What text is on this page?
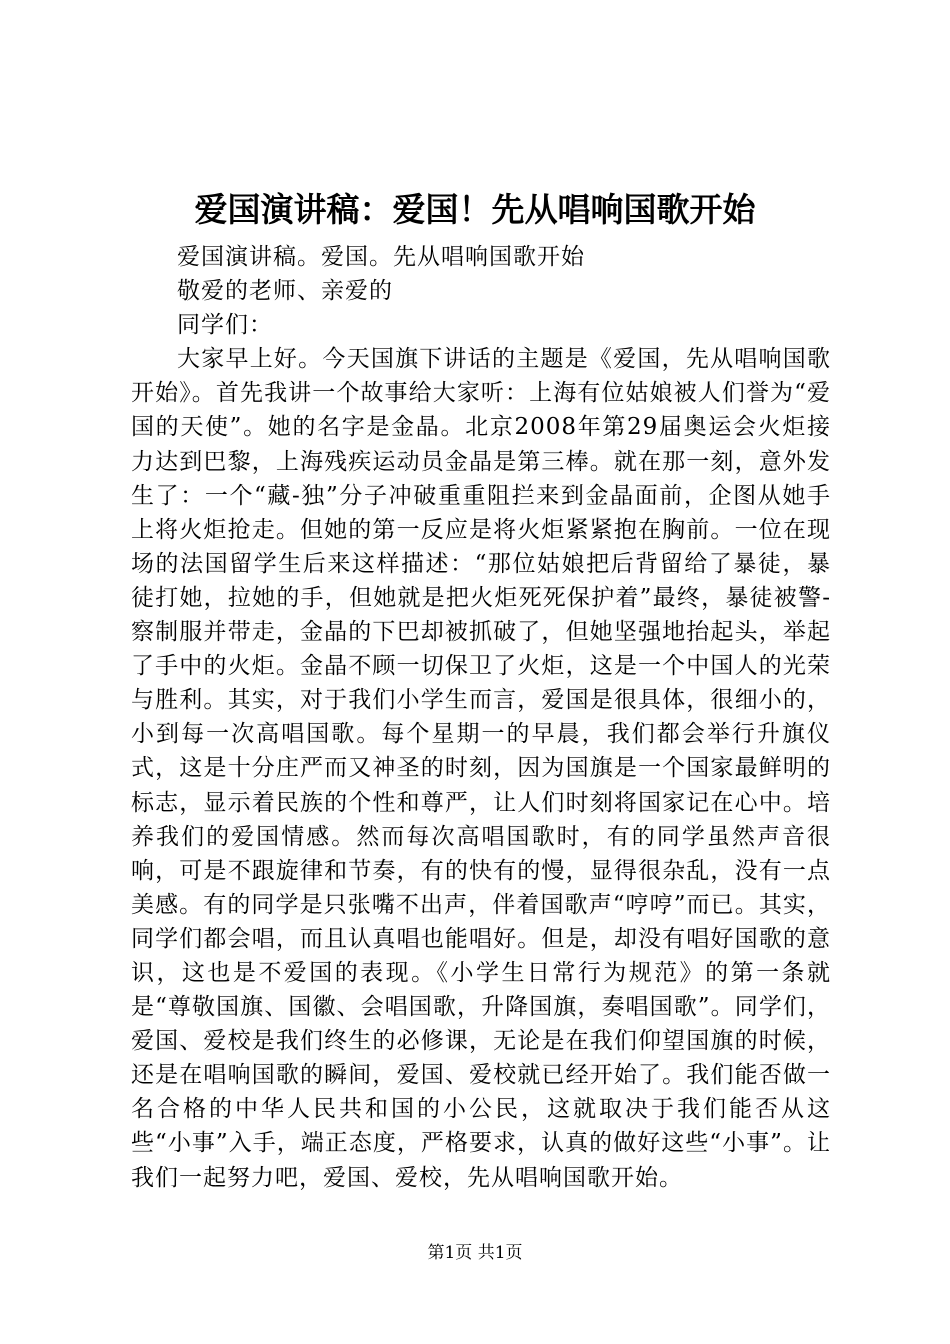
爱国演讲稿：爱国！先从唱响国歌开始

爱国演讲稿。爱国。先从唱响国歌开始

敬爱的老师、亲爱的

同学们：

大家早上好。今天国旗下讲话的主题是《爱国，先从唱响国歌开始》。首先我讲一个故事给大家听：上海有位姑娘被人们誉为“爱国的天使”。她的名字是金晶。北京2008年第29届奥运会火炬接力达到巴黎，上海残疾运动员金晶是第三棒。就在那一刻，意外发生了：一个“藏-独”分子冲破重重阻拦来到金晶面前，企图从她手上将火炬抢走。但她的第一反应是将火炬紧紧抱在胸前。一位在现场的法国留学生后来这样描述：“那位姑娘把后背留给了暴徒，暴徒打她，拉她的手，但她就是把火炬死死保护着”最终，暴徒被警-察制服并带走，金晶的下巴却被抓破了，但她坚强地抬起头，举起了手中的火炬。金晶不顾一切保卫了火炬，这是一个中国人的光荣与胜利。其实，对于我们小学生而言，爱国是很具体，很细小的，小到每一次高唱国歌。每个星期一的早晨，我们都会举行升旗仪式，这是十分庄严而又神圣的时刻，因为国旗是一个国家最鲜明的标志，显示着民族的个性和尊严，让人们时刻将国家记在心中。培养我们的爱国情感。然而每次高唱国歌时，有的同学虽然声音很响，可是不跟旋律和节奏，有的快有的慢，显得很杂乱，没有一点美感。有的同学是只张嘴不出声，伴着国歌声“哼哼”而已。其实，同学们都会唱，而且认真唱也能唱好。但是，却没有唱好国歌的意识，这也是不爱国的表现。《小学生日常行为规范》的第一条就是“尊敬国旗、国徽、会唱国歌，升降国旗，奏唱国歌”。同学们，爱国、爱校是我们终生的必修课，无论是在我们仰望国旗的时候，还是在唱响国歌的瞬间，爱国、爱校就已经开始了。我们能否做一名合格的中华人民共和国的小公民，这就取决于我们能否从这些“小事”入手，端正态度，严格要求，认真的做好这些“小事”。让我们一起努力吧，爱国、爱校，先从唱响国歌开始。

第1页 共1页
